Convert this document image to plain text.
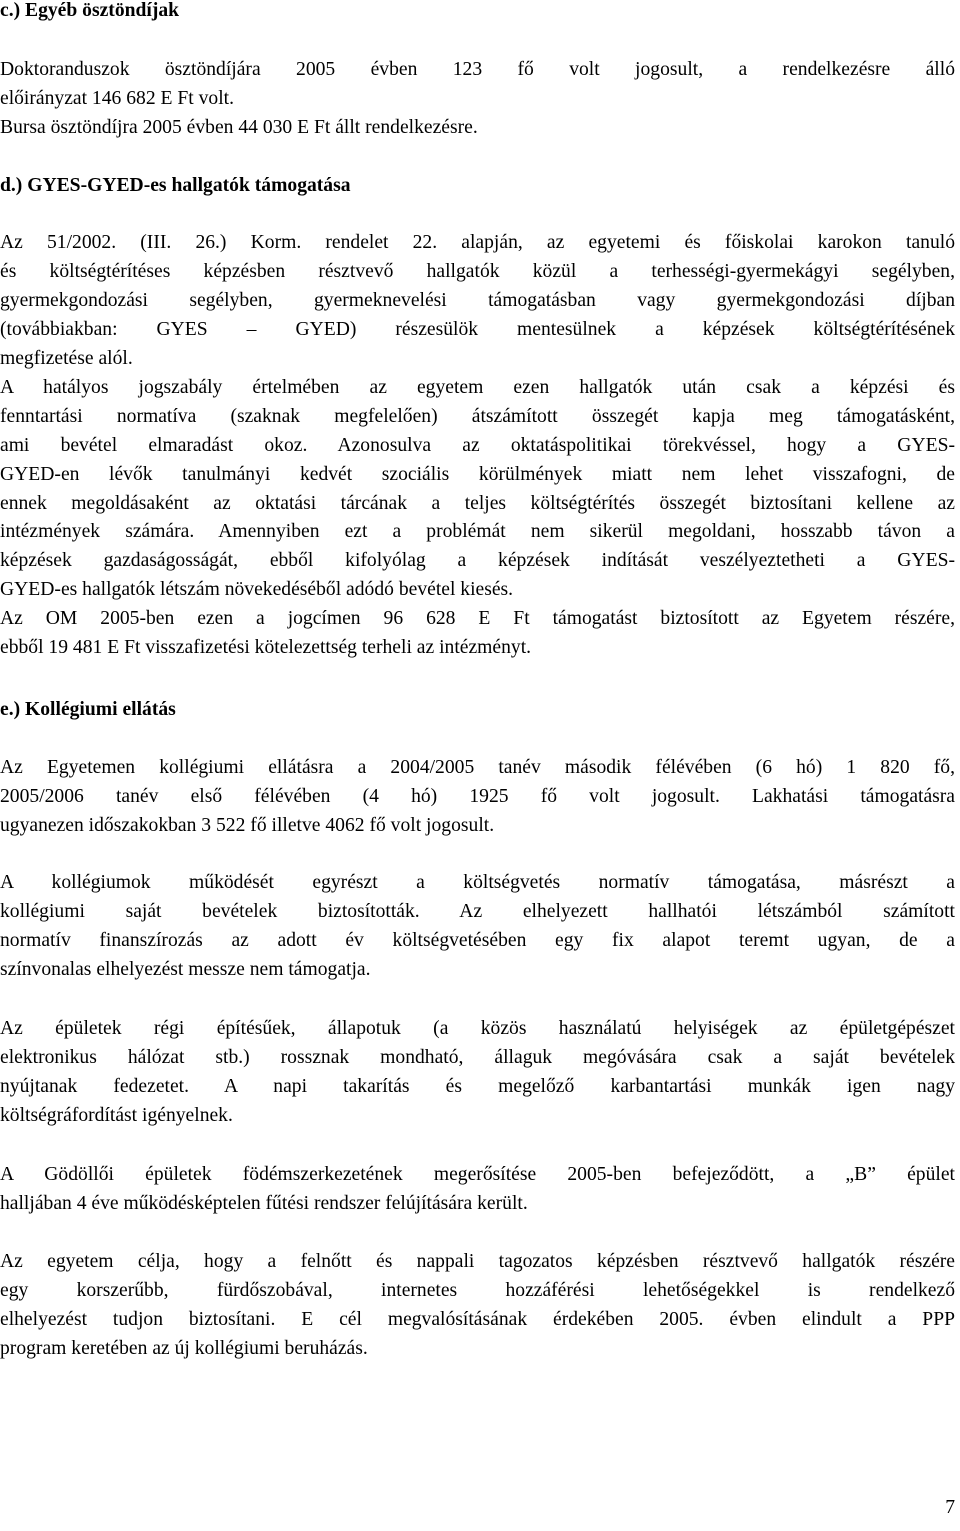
c.) Egyéb ösztöndíjak
Doktoranduszok ösztöndíjára 2005 évben 123 fő volt jogosult, a rendelkezésre álló
előirányzat 146 682 E Ft volt.
Bursa ösztöndíjra 2005 évben 44 030 E Ft állt rendelkezésre.
d.) GYES-GYED-es hallgatók támogatása
Az 51/2002. (III. 26.) Korm. rendelet 22. alapján, az egyetemi és főiskolai karokon tanuló
és költségtérítéses képzésben résztvevő hallgatók közül a terhességi-gyermekágyi segélyben,
gyermekgondozási segélyben, gyermeknevelési támogatásban vagy gyermekgondozási díjban
(továbbiakban: GYES – GYED) részesülök mentesülnek a képzések költségtérítésének
megfizetése alól.
A hatályos jogszabály értelmében az egyetem ezen hallgatók után csak a képzési és
fenntartási normatíva (szaknak megfelelően) átszámított összegét kapja meg támogatásként,
ami bevétel elmaradást okoz. Azonosulva az oktatáspolitikai törekvéssel, hogy a GYES-
GYED-en lévők tanulmányi kedvét szociális körülmények miatt nem lehet visszafogni, de
ennek megoldásaként az oktatási tárcának a teljes költségtérítés összegét biztosítani kellene az
intézmények számára. Amennyiben ezt a problémát nem sikerül megoldani, hosszabb távon a
képzések gazdaságosságát, ebből kifolyólag a képzések indítását veszélyeztetheti a GYES-
GYED-es hallgatók létszám növekedéséből adódó bevétel kiesés.
Az OM 2005-ben ezen a jogcímen 96 628 E Ft támogatást biztosított az Egyetem részére,
ebből 19 481 E Ft visszafizetési kötelezettség terheli az intézményt.
e.) Kollégiumi ellátás
Az Egyetemen kollégiumi ellátásra a 2004/2005 tanév második félévében (6 hó) 1 820 fő,
2005/2006 tanév első félévében (4 hó) 1925 fő volt jogosult. Lakhatási támogatásra
ugyanezen időszakokban 3 522 fő illetve 4062 fő volt jogosult.
A kollégiumok működését egyrészt a költségvetés normatív támogatása, másrészt a
kollégiumi saját bevételek biztosították. Az elhelyezett hallhatói létszámból számított
normatív finanszírozás az adott év költségvetésében egy fix alapot teremt ugyan, de a
színvonalas elhelyezést messze nem támogatja.
Az épületek régi építésűek, állapotuk (a közös használatú helyiségek az épületgépészet
elektronikus hálózat stb.) rossznak mondható, állaguk megóvására csak a saját bevételek
nyújtanak fedezetet. A napi takarítás és megelőző karbantartási munkák igen nagy
költségráfordítást igényelnek.
A Gödöllői épületek födémszerkezetének megerősítése 2005-ben befejeződött, a „B” épület
halljában 4 éve működésképtelen fűtési rendszer felújítására került.
Az egyetem célja, hogy a felnőtt és nappali tagozatos képzésben résztvevő hallgatók részére
egy korszerűbb, fürdőszobával, internetes hozzáférési lehetőségekkel is rendelkező
elhelyezést tudjon biztosítani. E cél megvalósításának érdekében 2005. évben elindult a PPP
program keretében az új kollégiumi beruházás.
7
